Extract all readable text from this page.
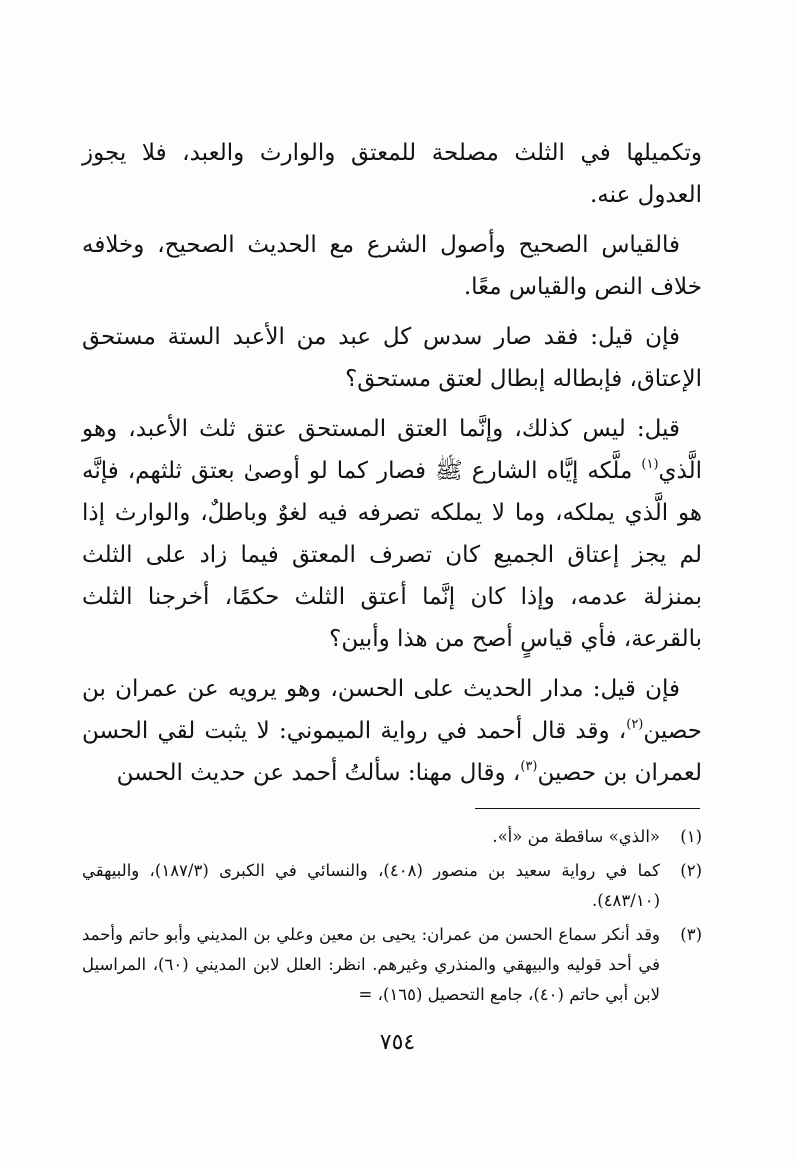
وتكميلها في الثلث مصلحة للمعتق والوارث والعبد، فلا يجوز العدول عنه.

فالقياس الصحيح وأصول الشرع مع الحديث الصحيح، وخلافه خلاف النص والقياس معًا.

فإن قيل: فقد صار سدس كل عبد من الأعبد الستة مستحق الإعتاق، فإبطاله إبطال لعتق مستحق؟

قيل: ليس كذلك، وإنَّما العتق المستحق عتق ثلث الأعبد، وهو الَّذي$^{(١)}$ ملَّكه إيَّاه الشارع ﷺ فصار كما لو أوصىٰ بعتق ثلثهم، فإنَّه هو الَّذي يملكه، وما لا يملكه تصرفه فيه لغوٌ وباطلٌ، والوارث إذا لم يجز إعتاق الجميع كان تصرف المعتق فيما زاد على الثلث بمنزلة عدمه، وإذا كان إنَّما أعتق الثلث حكمًا، أخرجنا الثلث بالقرعة، فأي قياسٍ أصح من هذا وأبين؟

فإن قيل: مدار الحديث على الحسن، وهو يرويه عن عمران بن حصين$^{(٢)}$، وقد قال أحمد في رواية الميموني: لا يثبت لقي الحسن لعمران بن حصين$^{(٣)}$، وقال مهنا: سألتُ أحمد عن حديث الحسن

(١)
«الذي» ساقطة من «أ».
(٢)
كما في رواية سعيد بن منصور (٤٠٨)، والنسائي في الكبرى (١٨٧/٣)، والبيهقي (٤٨٣/١٠).
(٣)
وقد أنكر سماع الحسن من عمران: يحيى بن معين وعلي بن المديني وأبو حاتم وأحمد في أحد قوليه والبيهقي والمنذري وغيرهم. انظر: العلل لابن المديني (٦٠)، المراسيل لابن أبي حاتم (٤٠)، جامع التحصيل (١٦٥)، =
٧٥٤
